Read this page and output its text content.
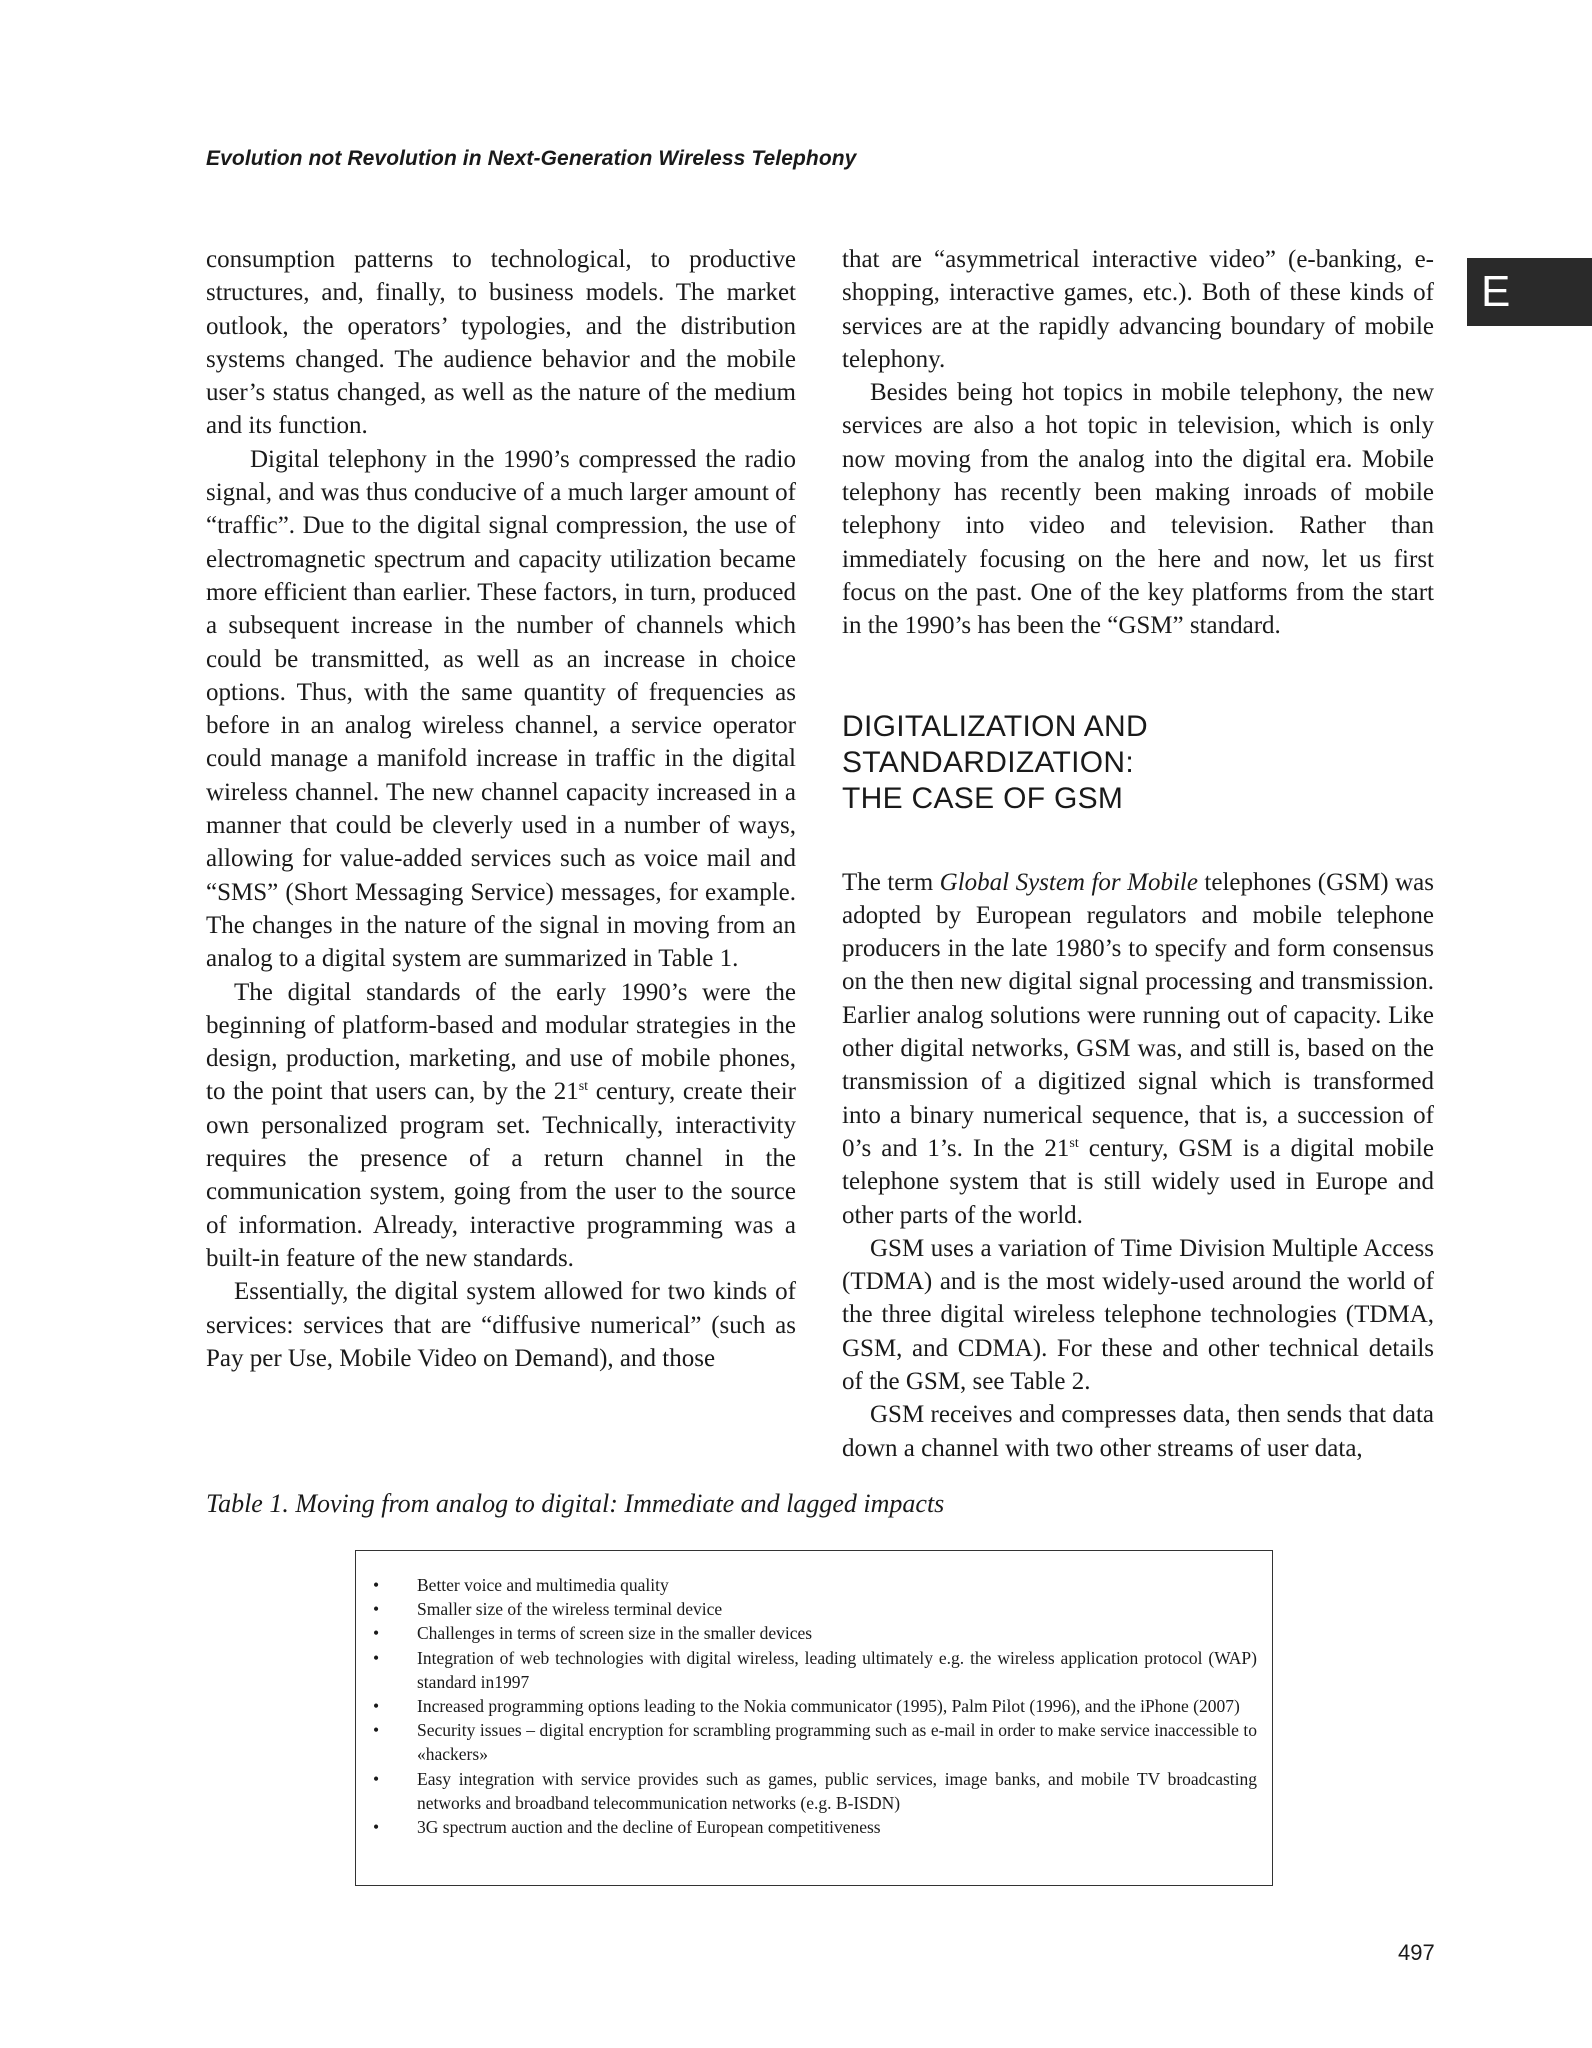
Evolution not Revolution in Next-Generation Wireless Telephony
E

consumption patterns to technological, to productive structures, and, finally, to business models. The market outlook, the operators’ typologies, and the distribution systems changed. The audience behavior and the mobile user’s status changed, as well as the nature of the medium and its function.

Digital telephony in the 1990’s compressed the radio signal, and was thus conducive of a much larger amount of “traffic”. Due to the digital signal compression, the use of electromagnetic spectrum and capacity utilization became more efficient than earlier. These factors, in turn, produced a subsequent increase in the number of channels which could be transmitted, as well as an increase in choice options. Thus, with the same quantity of frequencies as before in an analog wireless channel, a service operator could manage a manifold increase in traffic in the digital wireless channel. The new channel capacity increased in a manner that could be cleverly used in a number of ways, allowing for value-added services such as voice mail and “SMS” (Short Messaging Service) messages, for example. The changes in the nature of the signal in moving from an analog to a digital system are summarized in Table 1.

The digital standards of the early 1990’s were the beginning of platform-based and modular strategies in the design, production, marketing, and use of mobile phones, to the point that users can, by the 21st century, create their own personalized program set. Technically, interactivity requires the presence of a return channel in the communication system, going from the user to the source of information. Already, interactive programming was a built-in feature of the new standards.

Essentially, the digital system allowed for two kinds of services: services that are “diffusive numerical” (such as Pay per Use, Mobile Video on Demand), and those

that are “asymmetrical interactive video” (e-banking, e-shopping, interactive games, etc.). Both of these kinds of services are at the rapidly advancing boundary of mobile telephony.

Besides being hot topics in mobile telephony, the new services are also a hot topic in television, which is only now moving from the analog into the digital era. Mobile telephony has recently been making inroads of mobile telephony into video and television. Rather than immediately focusing on the here and now, let us first focus on the past. One of the key platforms from the start in the 1990’s has been the “GSM” standard.

DIGITALIZATION AND
STANDARDIZATION:
THE CASE OF GSM

The term Global System for Mobile telephones (GSM) was adopted by European regulators and mobile telephone producers in the late 1980’s to specify and form consensus on the then new digital signal processing and transmission. Earlier analog solutions were running out of capacity. Like other digital networks, GSM was, and still is, based on the transmission of a digitized signal which is transformed into a binary numerical sequence, that is, a succession of 0’s and 1’s. In the 21st century, GSM is a digital mobile telephone system that is still widely used in Europe and other parts of the world.

GSM uses a variation of Time Division Multiple Access (TDMA) and is the most widely-used around the world of the three digital wireless telephone technologies (TDMA, GSM, and CDMA). For these and other technical details of the GSM, see Table 2.

GSM receives and compresses data, then sends that data down a channel with two other streams of user data,

Table 1. Moving from analog to digital: Immediate and lagged impacts

• Better voice and multimedia quality
• Smaller size of the wireless terminal device
• Challenges in terms of screen size in the smaller devices
• Integration of web technologies with digital wireless, leading ultimately e.g. the wireless application protocol (WAP) standard in1997
• Increased programming options leading to the Nokia communicator (1995), Palm Pilot (1996), and the iPhone (2007)
• Security issues – digital encryption for scrambling programming such as e-mail in order to make service inaccessible to «hackers»
• Easy integration with service provides such as games, public services, image banks, and mobile TV broadcasting networks and broadband telecommunication networks (e.g. B-ISDN)
• 3G spectrum auction and the decline of European competitiveness

497
